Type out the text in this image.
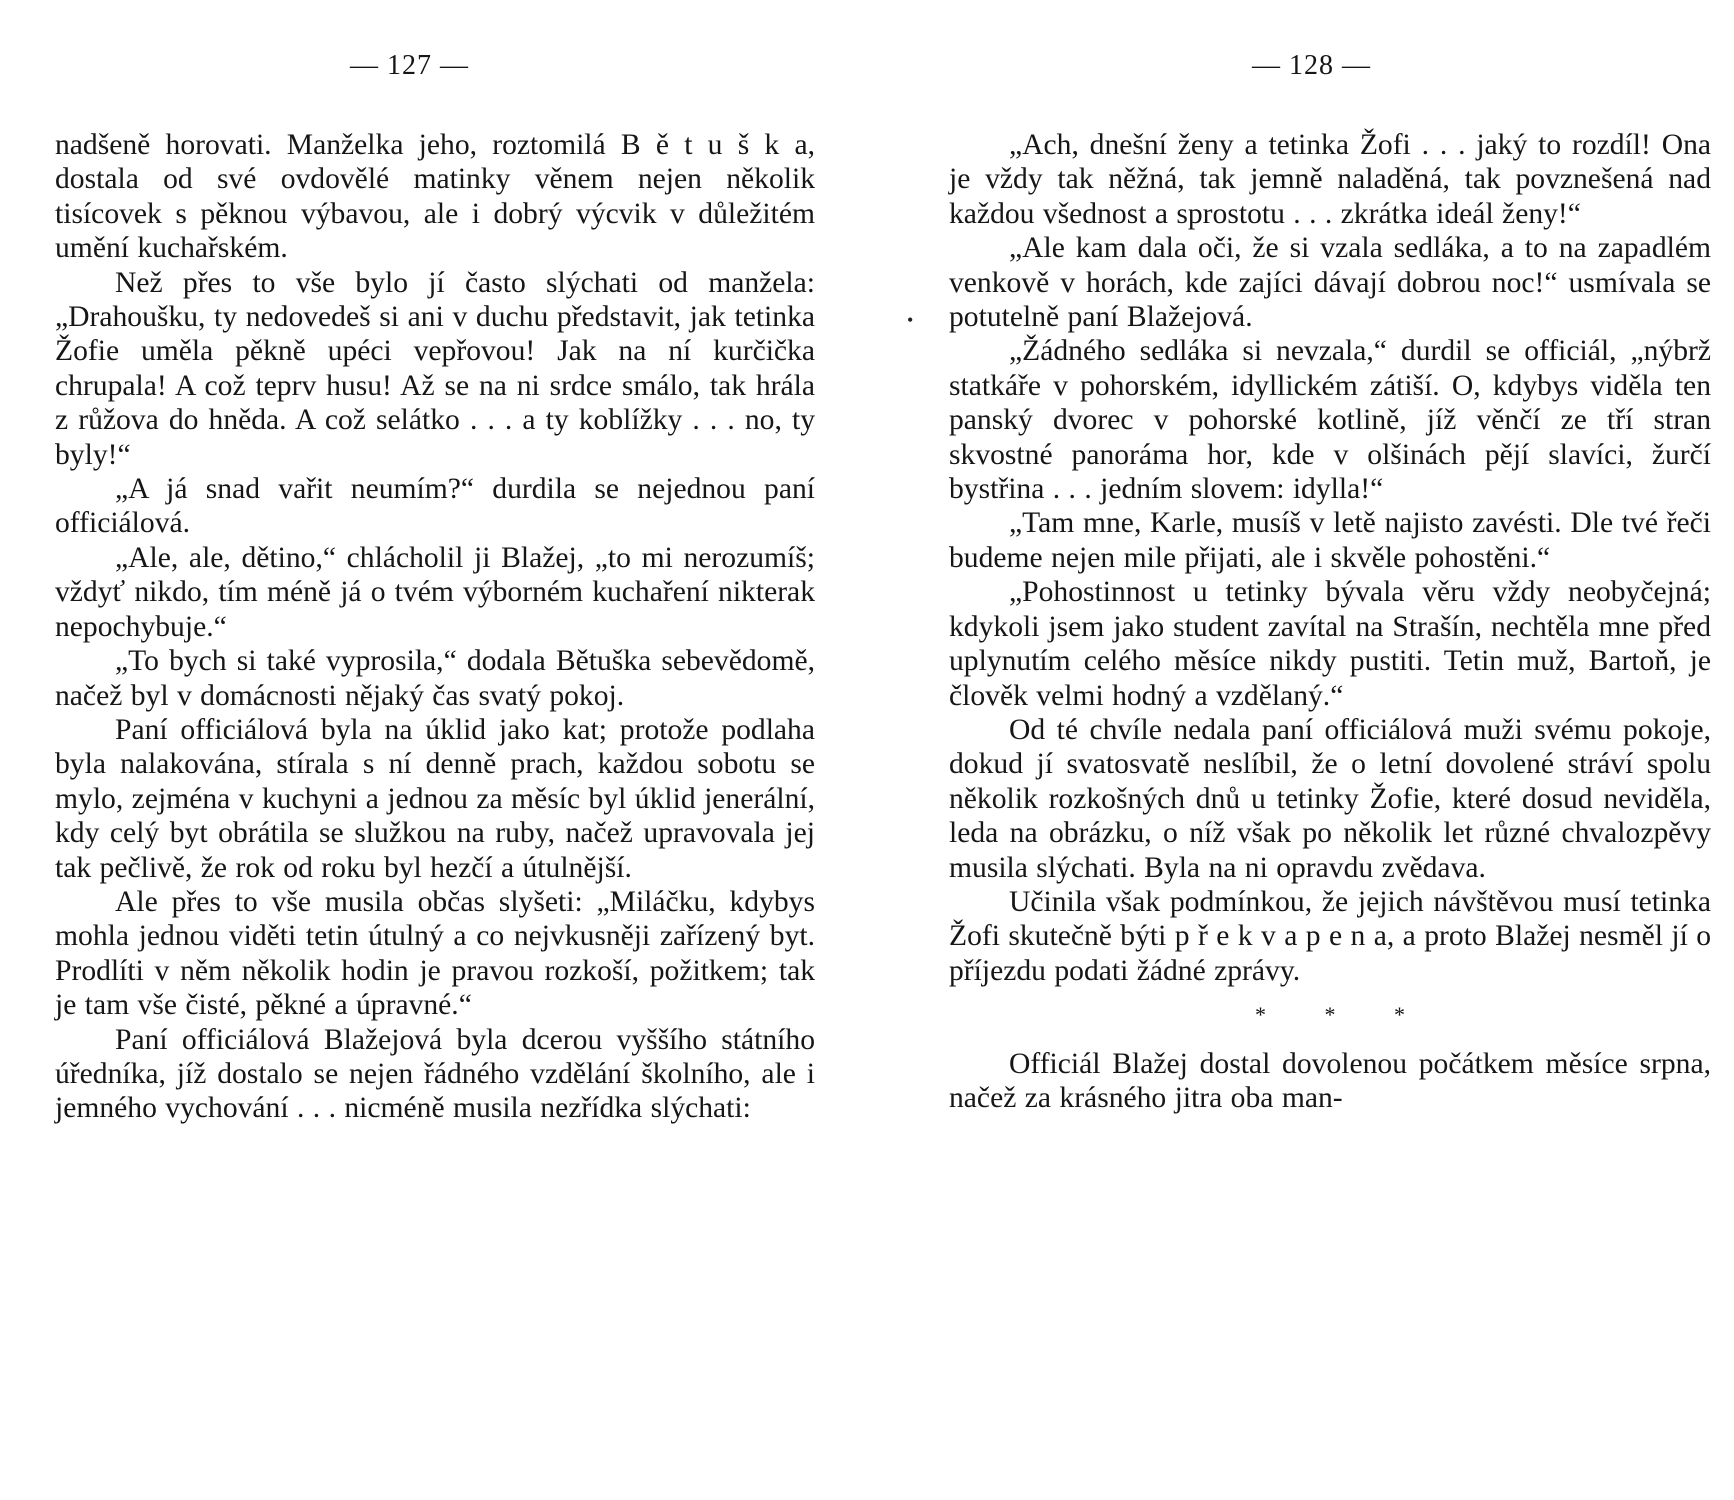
— 127 —

nadšeně horovati. Manželka jeho, roztomilá B ě t u š k a, dostala od své ovdovělé matinky věnem nejen několik tisícovek s pěknou výbavou, ale i dobrý výcvik v důležitém umění kuchařském.

Než přes to vše bylo jí často slýchati od manžela: „Drahoušku, ty nedovedeš si ani v duchu představit, jak tetinka Žofie uměla pěkně upéci vepřovou! Jak na ní kurčička chrupala! A což teprv husu! Až se na ni srdce smálo, tak hrála z růžova do hněda. A což selátko . . . a ty koblížky . . . no, ty byly!“

„A já snad vařit neumím?“ durdila se nejednou paní officiálová.

„Ale, ale, dětino,“ chlácholil ji Blažej, „to mi nerozumíš; vždyť nikdo, tím méně já o tvém výborném kuchaření nikterak nepochybuje.“

„To bych si také vyprosila,“ dodala Bětuška sebevědomě, načež byl v domácnosti nějaký čas svatý pokoj.

Paní officiálová byla na úklid jako kat; protože podlaha byla nalakována, stírala s ní denně prach, každou sobotu se mylo, zejména v kuchyni a jednou za měsíc byl úklid jenerální, kdy celý byt obrátila se služkou na ruby, načež upravovala jej tak pečlivě, že rok od roku byl hezčí a útulnější.

Ale přes to vše musila občas slyšeti: „Miláčku, kdybys mohla jednou viděti tetin útulný a co nejvkusněji zařízený byt. Prodlíti v něm několik hodin je pravou rozkoší, požitkem; tak je tam vše čisté, pěkné a úpravné.“

Paní officiálová Blažejová byla dcerou vyššího státního úředníka, jíž dostalo se nejen řádného vzdělání školního, ale i jemného vychování . . . nicméně musila nezřídka slýchati:

•
— 128 —

„Ach, dnešní ženy a tetinka Žofi . . . jaký to rozdíl! Ona je vždy tak něžná, tak jemně naladěná, tak povznešená nad každou všednost a sprostotu . . . zkrátka ideál ženy!“

„Ale kam dala oči, že si vzala sedláka, a to na zapadlém venkově v horách, kde zajíci dávají dobrou noc!“ usmívala se potutelně paní Blažejová.

„Žádného sedláka si nevzala,“ durdil se officiál, „nýbrž statkáře v pohorském, idyllickém zátiší. O, kdybys viděla ten panský dvorec v pohorské kotlině, jíž věnčí ze tří stran skvostné panoráma hor, kde v olšinách pějí slavíci, žurčí bystřina . . . jedním slovem: idylla!“

„Tam mne, Karle, musíš v letě najisto zavésti. Dle tvé řeči budeme nejen mile přijati, ale i skvěle pohostěni.“

„Pohostinnost u tetinky bývala věru vždy neobyčejná; kdykoli jsem jako student zavítal na Strašín, nechtěla mne před uplynutím celého měsíce nikdy pustiti. Tetin muž, Bartoň, je člověk velmi hodný a vzdělaný.“

Od té chvíle nedala paní officiálová muži svému pokoje, dokud jí svatosvatě neslíbil, že o letní dovolené stráví spolu několik rozkošných dnů u tetinky Žofie, které dosud neviděla, leda na obrázku, o níž však po několik let různé chvalozpěvy musila slýchati. Byla na ni opravdu zvědava.

Učinila však podmínkou, že jejich návštěvou musí tetinka Žofi skutečně býti p ř e k v a p e n a, a proto Blažej nesměl jí o příjezdu podati žádné zprávy.

* * *

Officiál Blažej dostal dovolenou počátkem měsíce srpna, načež za krásného jitra oba man-
